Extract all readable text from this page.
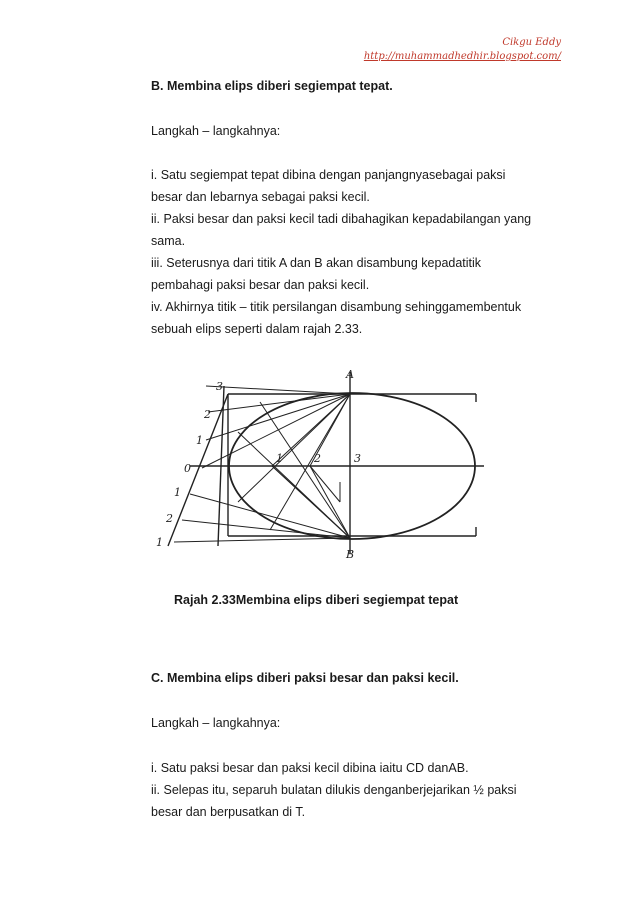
Cikgu Eddy
http://muhammadhedhir.blogspot.com/
B. Membina elips diberi segiempat tepat.
Langkah – langkahnya:
i. Satu segiempat tepat dibina dengan panjangnyasebagai paksi
besar dan lebarnya sebagai paksi kecil.
ii. Paksi besar dan paksi kecil tadi dibahagikan kepadabilangan yang
sama.
iii. Seterusnya dari titik A dan B akan disambung kepadatitik
pembahagi paksi besar dan paksi kecil.
iv. Akhirnya titik – titik persilangan disambung sehinggamembentuk
sebuah elips seperti dalam rajah 2.33.
A
B
3
2
1
0
1
2
1
1	2	3
Rajah 2.33Membina elips diberi segiempat tepat
C. Membina elips diberi paksi besar dan paksi kecil.
Langkah – langkahnya:
i. Satu paksi besar dan paksi kecil dibina iaitu CD danAB.
ii. Selepas itu, separuh bulatan dilukis denganberjejarikan ½ paksi
besar dan berpusatkan di T.
